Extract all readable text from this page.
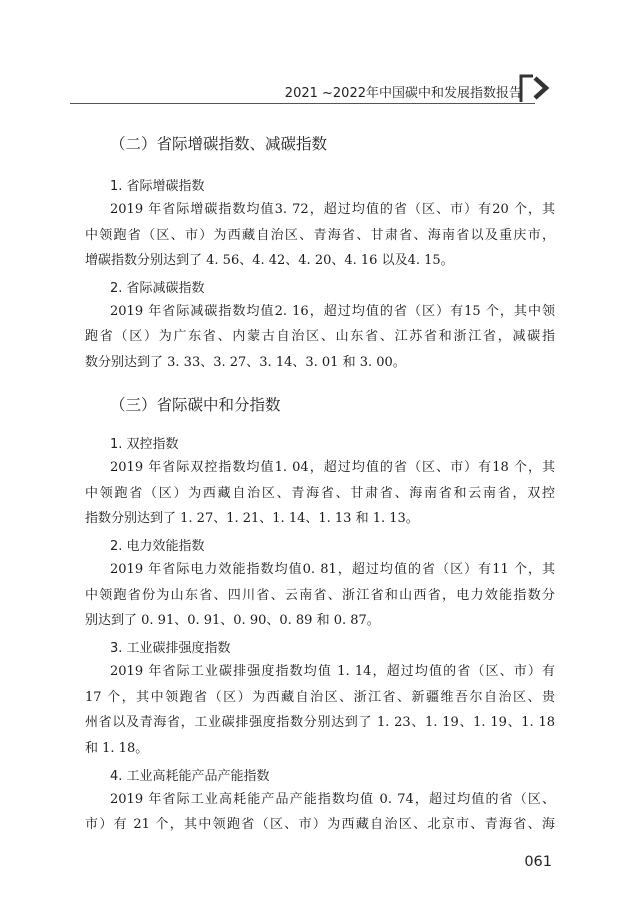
2021 ~2022年中国碳中和发展指数报告
（二）省际增碳指数、减碳指数
1. 省际增碳指数
2019 年省际增碳指数均值3. 72，超过均值的省（区、市）有20 个，其
中领跑省（区、市）为西藏自治区、青海省、甘肃省、海南省以及重庆市，
增碳指数分别达到了 4. 56、4. 42、4. 20、4. 16 以及4. 15。
2. 省际减碳指数
2019 年省际减碳指数均值2. 16，超过均值的省（区）有15 个，其中领
跑省（区）为广东省、内蒙古自治区、山东省、江苏省和浙江省，减碳指
数分别达到了 3. 33、3. 27、3. 14、3. 01 和 3. 00。
（三）省际碳中和分指数
1. 双控指数
2019 年省际双控指数均值1. 04，超过均值的省（区、市）有18 个，其
中领跑省（区）为西藏自治区、青海省、甘肃省、海南省和云南省，双控
指数分别达到了 1. 27、1. 21、1. 14、1. 13 和 1. 13。
2. 电力效能指数
2019 年省际电力效能指数均值0. 81，超过均值的省（区）有11 个，其
中领跑省份为山东省、四川省、云南省、浙江省和山西省，电力效能指数分
别达到了 0. 91、0. 91、0. 90、0. 89 和 0. 87。
3. 工业碳排强度指数
2019 年省际工业碳排强度指数均值 1. 14，超过均值的省（区、市）有
17 个，其中领跑省（区）为西藏自治区、浙江省、新疆维吾尔自治区、贵
州省以及青海省，工业碳排强度指数分别达到了 1. 23、1. 19、1. 19、1. 18
和 1. 18。
4. 工业高耗能产品产能指数
2019 年省际工业高耗能产品产能指数均值 0. 74，超过均值的省（区、
市）有 21 个，其中领跑省（区、市）为西藏自治区、北京市、青海省、海
061
